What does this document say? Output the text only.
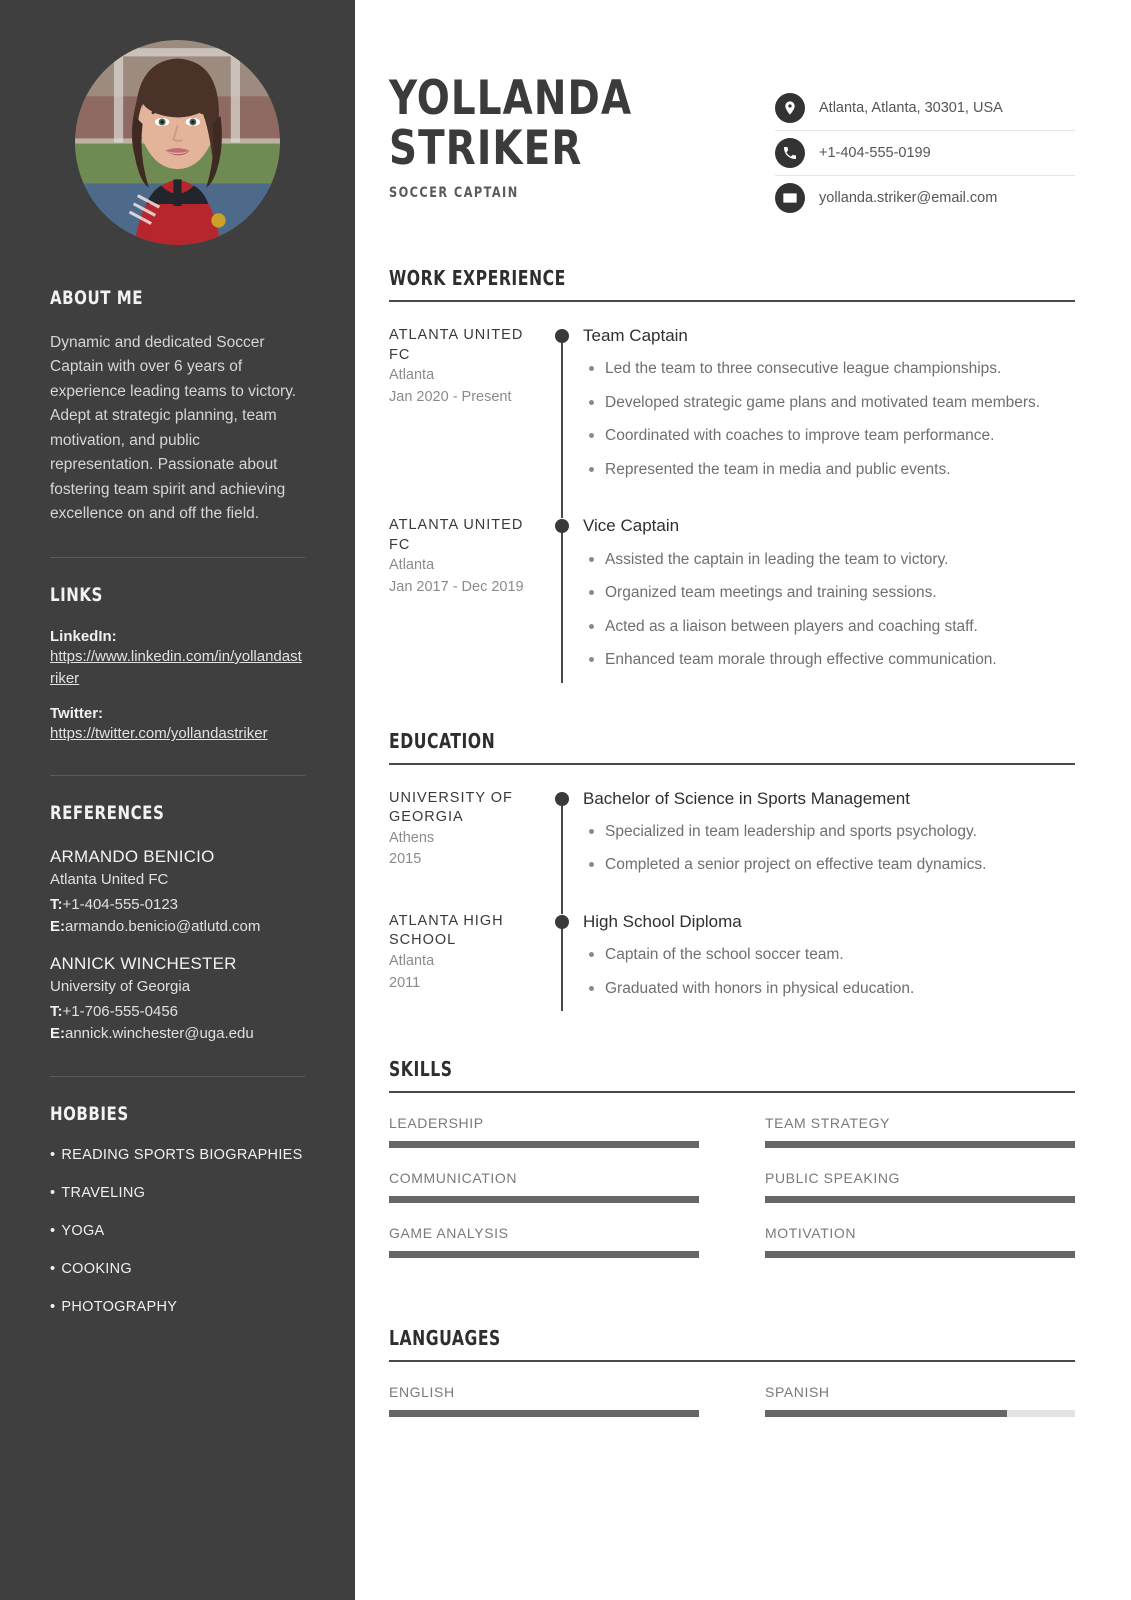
ABOUT ME

Dynamic and dedicated Soccer Captain with over 6 years of experience leading teams to victory. Adept at strategic planning, team motivation, and public representation. Passionate about fostering team spirit and achieving excellence on and off the field.

LINKS
LinkedIn:
https://www.linkedin.com/in/yollandastriker
Twitter:
https://twitter.com/yollandastriker
REFERENCES
ARMANDO BENICIO
Atlanta United FC
T:+1-404-555-0123
E:armando.benicio@atlutd.com
ANNICK WINCHESTER
University of Georgia
T:+1-706-555-0456
E:annick.winchester@uga.edu
HOBBIES
• READING SPORTS BIOGRAPHIES
• TRAVELING
• YOGA
• COOKING
• PHOTOGRAPHY
YOLLANDA
STRIKER
SOCCER CAPTAIN
Atlanta, Atlanta, 30301, USA
+1-404-555-0199
yollanda.striker@email.com
WORK EXPERIENCE
ATLANTA UNITED FC
Atlanta
Jan 2020 - Present
Team Captain
Led the team to three consecutive league championships.
Developed strategic game plans and motivated team members.
Coordinated with coaches to improve team performance.
Represented the team in media and public events.
ATLANTA UNITED FC
Atlanta
Jan 2017 - Dec 2019
Vice Captain
Assisted the captain in leading the team to victory.
Organized team meetings and training sessions.
Acted as a liaison between players and coaching staff.
Enhanced team morale through effective communication.
EDUCATION
UNIVERSITY OF GEORGIA
Athens
2015
Bachelor of Science in Sports Management
Specialized in team leadership and sports psychology.
Completed a senior project on effective team dynamics.
ATLANTA HIGH SCHOOL
Atlanta
2011
High School Diploma
Captain of the school soccer team.
Graduated with honors in physical education.
SKILLS
LEADERSHIP	TEAM STRATEGY
COMMUNICATION	PUBLIC SPEAKING
GAME ANALYSIS	MOTIVATION
LANGUAGES
ENGLISH	SPANISH
